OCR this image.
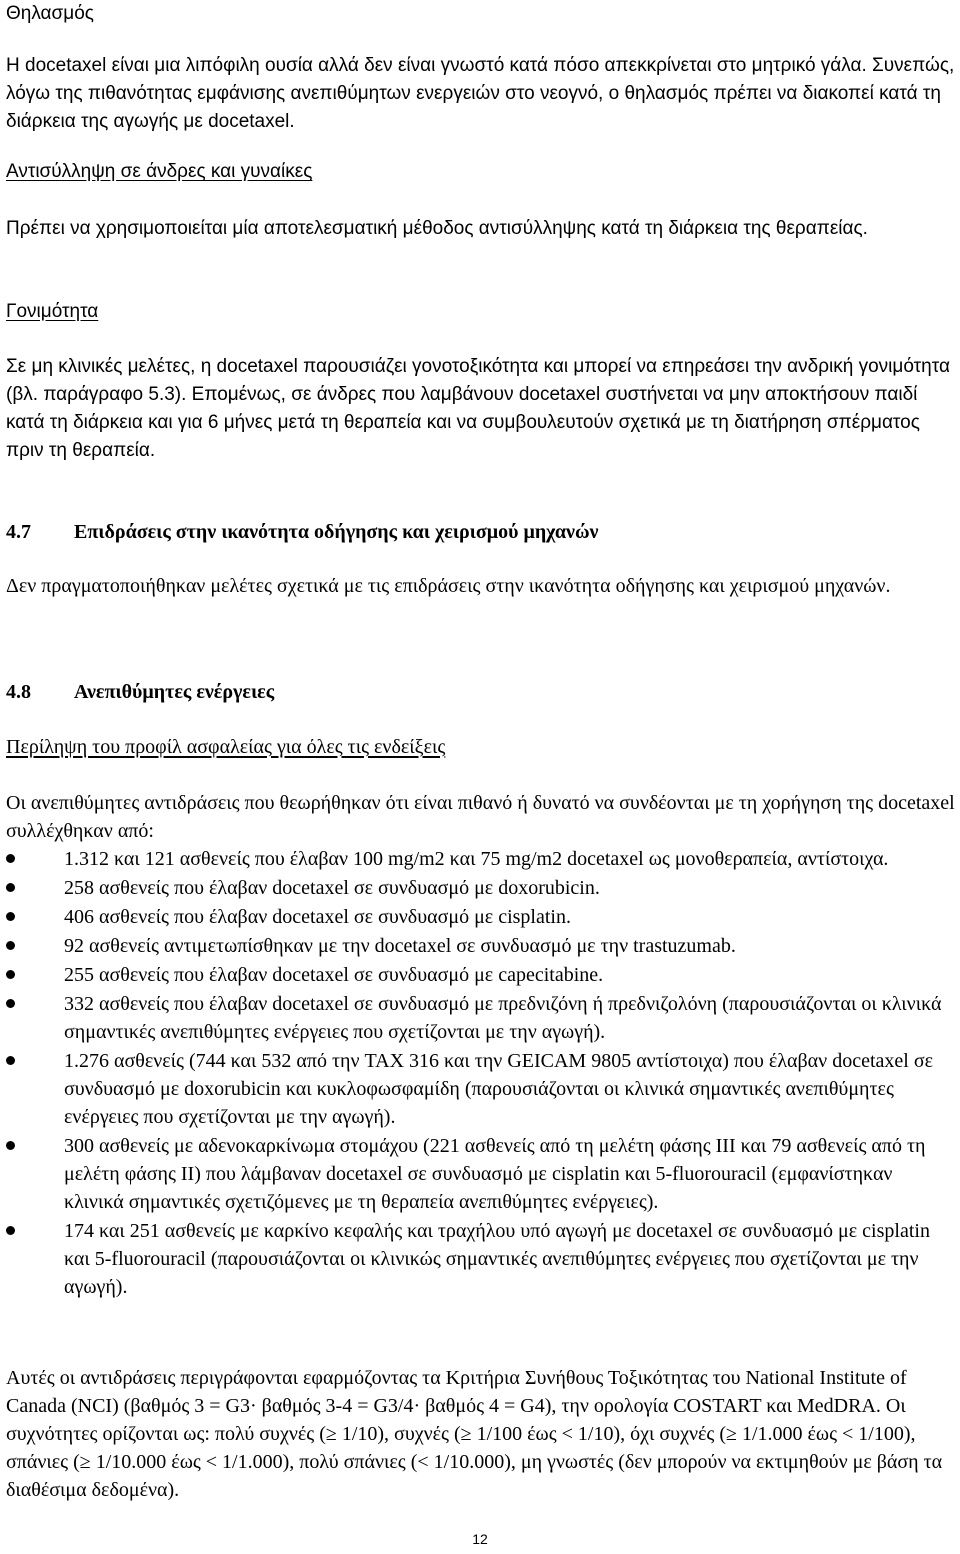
Θηλασμός

Η docetaxel είναι μια λιπόφιλη ουσία αλλά δεν είναι γνωστό κατά πόσο απεκκρίνεται στο μητρικό γάλα. Συνεπώς, λόγω της πιθανότητας εμφάνισης ανεπιθύμητων ενεργειών στο νεογνό, ο θηλασμός πρέπει να διακοπεί κατά τη διάρκεια της αγωγής με docetaxel.

Αντισύλληψη σε άνδρες και γυναίκες

Πρέπει να χρησιμοποιείται μία αποτελεσματική μέθοδος αντισύλληψης κατά τη διάρκεια της θεραπείας.

Γονιμότητα

Σε μη κλινικές μελέτες, η docetaxel παρουσιάζει γονοτοξικότητα και μπορεί να επηρεάσει την ανδρική γονιμότητα (βλ. παράγραφο 5.3). Επομένως, σε άνδρες που λαμβάνουν docetaxel συστήνεται να μην αποκτήσουν παιδί κατά τη διάρκεια και για 6 μήνες μετά τη θεραπεία και να συμβουλευτούν σχετικά με τη διατήρηση σπέρματος πριν τη θεραπεία.

4.7 Επιδράσεις στην ικανότητα οδήγησης και χειρισμού μηχανών

Δεν πραγματοποιήθηκαν μελέτες σχετικά με τις επιδράσεις στην ικανότητα οδήγησης και χειρισμού μηχανών.

4.8 Ανεπιθύμητες ενέργειες

Περίληψη του προφίλ ασφαλείας για όλες τις ενδείξεις

Οι ανεπιθύμητες αντιδράσεις που θεωρήθηκαν ότι είναι πιθανό ή δυνατό να συνδέονται με τη χορήγηση της docetaxel συλλέχθηκαν από:

1.312 και 121 ασθενείς που έλαβαν 100 mg/m2 και 75 mg/m2 docetaxel ως μονοθεραπεία, αντίστοιχα.
258 ασθενείς που έλαβαν docetaxel σε συνδυασμό με doxorubicin.
406 ασθενείς που έλαβαν docetaxel σε συνδυασμό με cisplatin.
92 ασθενείς αντιμετωπίσθηκαν με την docetaxel σε συνδυασμό με την trastuzumab.
255 ασθενείς που έλαβαν docetaxel σε συνδυασμό με capecitabine.
332 ασθενείς που έλαβαν docetaxel σε συνδυασμό με πρεδνιζόνη ή πρεδνιζολόνη (παρουσιάζονται οι κλινικά σημαντικές ανεπιθύμητες ενέργειες που σχετίζονται με την αγωγή).
1.276 ασθενείς (744 και 532 από την TAX 316 και την GEICAM 9805 αντίστοιχα) που έλαβαν docetaxel σε συνδυασμό με doxorubicin και κυκλοφωσφαμίδη (παρουσιάζονται οι κλινικά σημαντικές ανεπιθύμητες ενέργειες που σχετίζονται με την αγωγή).
300 ασθενείς με αδενοκαρκίνωμα στομάχου (221 ασθενείς από τη μελέτη φάσης ΙΙΙ και 79 ασθενείς από τη μελέτη φάσης ΙΙ) που λάμβαναν docetaxel σε συνδυασμό με cisplatin και 5-fluorouracil (εμφανίστηκαν κλινικά σημαντικές σχετιζόμενες με τη θεραπεία ανεπιθύμητες ενέργειες).
174 και 251 ασθενείς με καρκίνο κεφαλής και τραχήλου υπό αγωγή με docetaxel σε συνδυασμό με cisplatin και 5-fluorouracil (παρουσιάζονται οι κλινικώς σημαντικές ανεπιθύμητες ενέργειες που σχετίζονται με την αγωγή).

Αυτές οι αντιδράσεις περιγράφονται εφαρμόζοντας τα Κριτήρια Συνήθους Τοξικότητας του National Institute of Canada (NCI) (βαθμός 3 = G3· βαθμός 3-4 = G3/4· βαθμός 4 = G4), την ορολογία COSTART και MedDRA. Οι συχνότητες ορίζονται ως: πολύ συχνές (≥ 1/10), συχνές (≥ 1/100 έως < 1/10), όχι συχνές (≥ 1/1.000 έως < 1/100), σπάνιες (≥ 1/10.000 έως < 1/1.000), πολύ σπάνιες (< 1/10.000), μη γνωστές (δεν μπορούν να εκτιμηθούν με βάση τα διαθέσιμα δεδομένα).

12
